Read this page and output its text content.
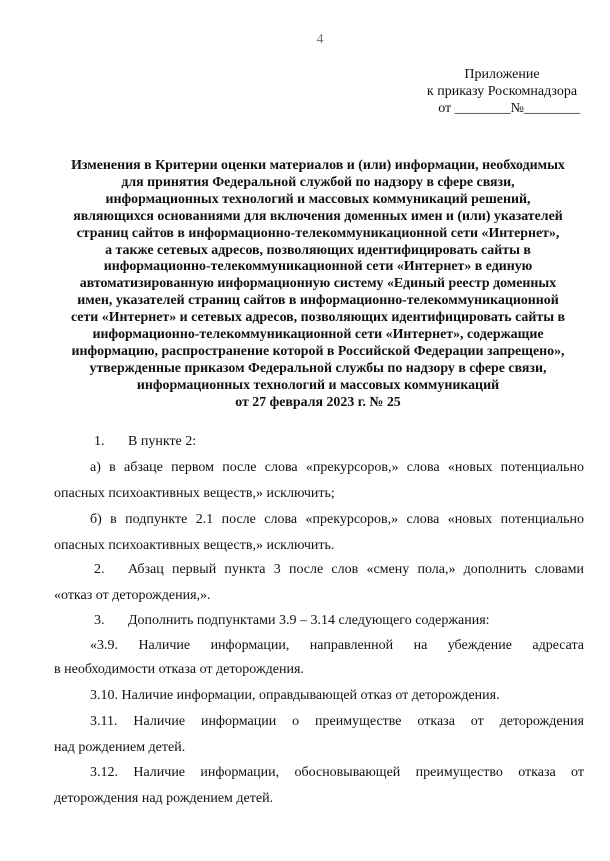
4
Приложение
к приказу Роскомнадзора
от ________№________
Изменения в Критерии оценки материалов и (или) информации, необходимых
для принятия Федеральной службой по надзору в сфере связи,
информационных технологий и массовых коммуникаций решений,
являющихся основаниями для включения доменных имен и (или) указателей
страниц сайтов в информационно-телекоммуникационной сети «Интернет»,
а также сетевых адресов, позволяющих идентифицировать сайты в
информационно-телекоммуникационной сети «Интернет» в единую
автоматизированную информационную систему «Единый реестр доменных
имен, указателей страниц сайтов в информационно-телекоммуникационной
сети «Интернет» и сетевых адресов, позволяющих идентифицировать сайты в
информационно-телекоммуникационной сети «Интернет», содержащие
информацию, распространение которой в Российской Федерации запрещено»,
утвержденные приказом Федеральной службы по надзору в сфере связи,
информационных технологий и массовых коммуникаций
от 27 февраля 2023 г. № 25
1. В пункте 2:
а) в абзаце первом после слова «прекурсоров,» слова «новых потенциально
опасных психоактивных веществ,» исключить;
б) в подпункте 2.1 после слова «прекурсоров,» слова «новых потенциально
опасных психоактивных веществ,» исключить.
2. Абзац первый пункта 3 после слов «смену пола,» дополнить словами
«отказ от деторождения,».
3. Дополнить подпунктами 3.9 – 3.14 следующего содержания:
«3.9. Наличие информации, направленной на убеждение адресата
в необходимости отказа от деторождения.
3.10. Наличие информации, оправдывающей отказ от деторождения.
3.11. Наличие информации о преимуществе отказа от деторождения
над рождением детей.
3.12. Наличие информации, обосновывающей преимущество отказа от
деторождения над рождением детей.
